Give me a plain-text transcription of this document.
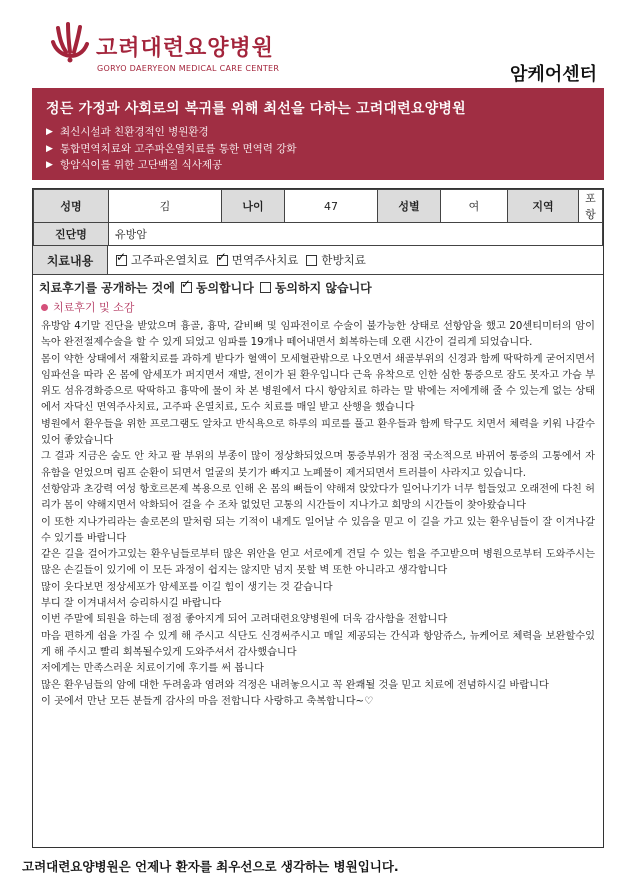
고려대련요양병원
GORYO DAERYEON MEDICAL CARE CENTER	암케어센터
정든 가정과 사회로의 복귀를 위해 최선을 다하는 고려대련요양병원
▶ 최신시설과 친환경적인 병원환경
▶ 통합면역치료와 고주파온열치료를 통한 면역력 강화
▶ 항암식이를 위한 고단백질 식사제공
성명	김	나이	47	성별	여	지역	포항
진단명	유방암						
치료내용 ✓	고주파온열치료 ✓ 면역주사치료 한방치료
치료후기를 공개하는 것에 ✓ 동의합니다 동의하지 않습니다
치료후기 및 소감

유방암 4기말 진단을 받았으며 흉골, 흉막, 갈비뼈 및 임파전이로 수술이 불가능한 상태로 선항암을 했고 20센티미터의 암이 녹아 완전절제수술을 할 수 있게 되었고 임파를 19개나 떼어내면서 회복하는데 오랜 시간이 걸리게 되었습니다.

몸이 약한 상태에서 재활치료를 과하게 받다가 혈액이 모세혈관밖으로 나오면서 쇄골부위의 신경과 함께 딱딱하게 굳어지면서 임파선을 따라 온 몸에 암세포가 퍼지면서 재발, 전이가 된 환우입니다 근육 유착으로 인한 심한 통증으로 잠도 못자고 가슴 부위도 섬유경화증으로 딱딱하고 흉막에 물이 차 본 병원에서 다시 항암치료 하라는 말 밖에는 저에게해 줄 수 있는게 없는 상태에서 자닥신 면역주사치료, 고주파 온열치료, 도수 치료를 매일 받고 산행을 했습니다

병원에서 환우들을 위한 프로그램도 알차고 반식욕으로 하루의 피로를 풀고 환우들과 함께 탁구도 치면서 체력을 키워 나갈수 있어 좋았습니다

그 결과 지금은 숨도 안 차고 팔 부위의 부종이 많이 정상화되었으며 통증부위가 점점 국소적으로 바뀌어 통증의 고통에서 자유함을 얻었으며 림프 순환이 되면서 얼굴의 붓기가 빠지고 노폐물이 제거되면서 트러블이 사라지고 있습니다.

선항암과 초강력 여성 항호르몬제 복용으로 인해 온 몸의 뼈들이 약해져 앉았다가 일어나기가 너무 힘들었고 오래전에 다친 허리가 몸이 약해지면서 악화되어 걸을 수 조차 없었던 고통의 시간들이 지나가고 희망의 시간들이 찾아왔습니다

이 또한 지나가리라는 솔로몬의 말처럼 되는 기적이 내게도 일어날 수 있음을 믿고 이 길을 가고 있는 환우님들이 잘 이겨나갈수 있기를 바랍니다

같은 길을 걸어가고있는 환우님들로부터 많은 위안을 얻고 서로에게 견딜 수 있는 힘을 주고받으며 병원으로부터 도와주시는 많은 손길들이 있기에 이 모든 과정이 쉽지는 않지만 넘지 못할 벽 또한 아니라고 생각합니다

많이 웃다보면 정상세포가 암세포를 이길 힘이 생기는 것 같습니다

부디 잘 이겨내셔서 승리하시길 바랍니다

이번 주말에 퇴원을 하는데 점점 좋아지게 되어 고려대련요양병원에 더욱 감사함을 전합니다

마음 편하게 쉼을 가질 수 있게 해 주시고 식단도 신경써주시고 매일 제공되는 간식과 항암쥬스, 뉴케어로 체력을 보완할수있게 해 주시고 빨리 회복될수있게 도와주셔서 감사했습니다

저에게는 만족스러운 치료이기에 후기를 써 봅니다

많은 환우님들의 암에 대한 두려움과 염려와 걱정은 내려놓으시고 꼭 완쾌될 것을 믿고 치료에 전념하시길 바랍니다

이 곳에서 만난 모든 분들게 감사의 마음 전합니다 사랑하고 축복합니다~♡

고려대련요양병원은 언제나 환자를 최우선으로 생각하는 병원입니다.
